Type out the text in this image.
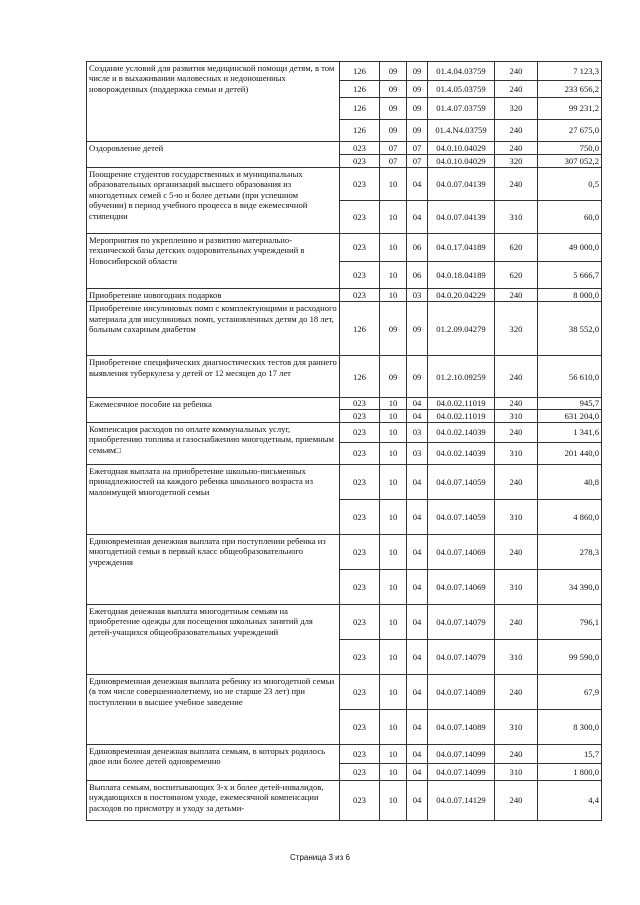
Создание условий для развития медицинской помощи детям, в том числе и в выхаживании маловесных и недоношенных новорожденных (поддержка семьи и детей)	126	09	09	01.4.04.03759	240	7 123,3
	126	09	09	01.4.05.03759	240	233 656,2
	126	09	09	01.4.07.03759	320	99 231,2
	126	09	09	01.4.N4.03759	240	27 675,0
Оздоровление детей	023	07	07	04.0.10.04029	240	750,0
	023	07	07	04.0.10.04029	320	307 052,2
Поощрение студентов государственных и муниципальных образовательных организаций высшего образования из многодетных семей с 5-ю и более детьми (при успешном обучении) в период учебного процесса в виде ежемесячной стипендии	023	10	04	04.0.07.04139	240	0,5
	023	10	04	04.0.07.04139	310	60,0
Мероприятия по укреплению и развитию материально-технической базы детских оздоровительных учреждений в Новосибирской области	023	10	06	04.0.17.04189	620	49 000,0
	023	10	06	04.0.18.04189	620	5 666,7
Приобретение новогодних подарков	023	10	03	04.0.20.04229	240	8 000,0
Приобретение инсулиновых помп с комплектующими и расходного материала для инсулиновых помп, установленных детям до 18 лет, больным сахарным диабетом	126	09	09	01.2.09.04279	320	38 552,0
Приобретение специфических диагностических тестов для раннего выявления туберкулеза у детей от 12 месяцев до 17 лет	126	09	09	01.2.10.09259	240	56 610,0
Ежемесячное пособие на ребенка	023	10	04	04.0.02.11019	240	945,7
	023	10	04	04.0.02.11019	310	631 204,0
Компенсация расходов по оплате коммунальных услуг, приобретению топлива и газоснабжению многодетным, приемным семьям□	023	10	03	04.0.02.14039	240	1 341,6
	023	10	03	04.0.02.14039	310	201 440,0
Ежегодная выплата на приобретение школьно-письменных принадлежностей на каждого ребенка школьного возраста из малоимущей многодетной семьи	023	10	04	04.0.07.14059	240	40,8
	023	10	04	04.0.07.14059	310	4 860,0
Единовременная денежная выплата при поступлении ребенка из многодетной семьи в первый класс общеобразовательного учреждения	023	10	04	04.0.07.14069	240	278,3
	023	10	04	04.0.07.14069	310	34 390,0
Ежегодная денежная выплата многодетным семьям на приобретение одежды для посещения школьных занятий для детей-учащихся общеобразовательных учреждений	023	10	04	04.0.07.14079	240	796,1
	023	10	04	04.0.07.14079	310	99 590,0
Единовременная денежная выплата ребенку из многодетной семьи (в том числе совершеннолетнему, но не старше 23 лет) при поступлении в высшее учебное заведение	023	10	04	04.0.07.14089	240	67,9
	023	10	04	04.0.07.14089	310	8 300,0
Единовременная денежная выплата семьям, в которых родилось двое или более детей одновременно	023	10	04	04.0.07.14099	240	15,7
	023	10	04	04.0.07.14099	310	1 800,0
Выплата семьям, воспитывающих 3-х и более детей-инвалидов, нуждающихся в постоянном уходе, ежемесячной компенсации расходов по присмотру и уходу за детьми-	023	10	04	04.0.07.14129	240	4,4
Страница 3 из 6
